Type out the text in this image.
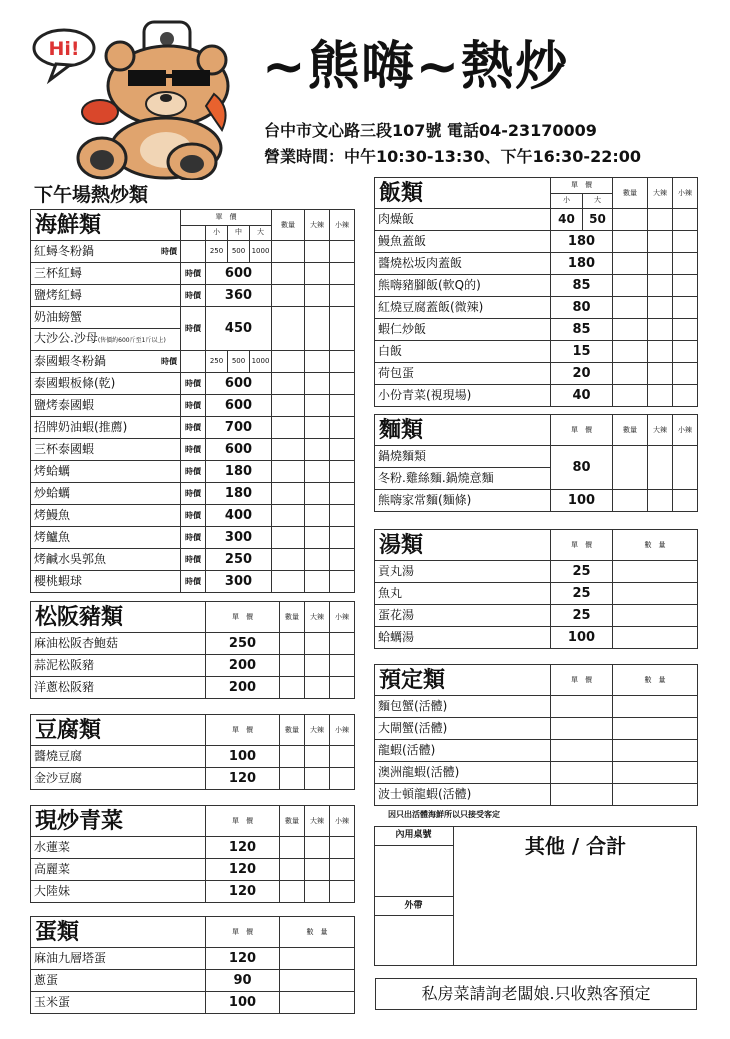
Hi!	~熊嗨~熱炒
台中市文心路三段107號 電話04-23170009
營業時間：中午10:30-13:30、下午16:30-22:00
下午場熱炒類
海鮮類	單　價				數量	大辣	小辣
		小	中	大			
紅蟳冬粉鍋 時價		250	500	1000			
三杯紅蟳	時價	600					
鹽烤紅蟳	時價	360					
奶油螃蟹	時價	450					
大沙公.沙母(售價約600斤至1斤以上)							
泰國蝦冬粉鍋 時價		250	500	1000			
泰國蝦板條(乾)	時價	600					
鹽烤泰國蝦	時價	600					
招牌奶油蝦(推薦)	時價	700					
三杯泰國蝦	時價	600					
烤蛤蠣	時價	180					
炒蛤蠣	時價	180					
烤鰻魚	時價	400					
烤鱸魚	時價	300					
烤鹹水吳郭魚	時價	250					
櫻桃蝦球	時價	300					
松阪豬類	單　價	數量	大辣	小辣
麻油松阪杏鮑菇	250			
蒜泥松阪豬	200			
洋蔥松阪豬	200			
豆腐類	單　價	數量	大辣	小辣
醬燒豆腐	100			
金沙豆腐	120			
現炒青菜	單　價	數量	大辣	小辣
水蓮菜	120			
高麗菜	120			
大陸妹	120			
蛋類	單　價	數　量
麻油九層塔蛋	120	
蔥蛋	90	
玉米蛋	100	
飯類	單　價		數量	大辣	小辣
	小	大			
肉燥飯	40	50			
鰻魚蓋飯	180				
醬燒松坂肉蓋飯	180				
熊嗨豬腳飯(軟Q的)	85				
紅燒豆腐蓋飯(微辣)	80				
蝦仁炒飯	85				
白飯	15				
荷包蛋	20				
小份青菜(視現場)	40				
麵類	單　價	數量	大辣	小辣
鍋燒麵類	80			
冬粉.雞絲麵.鍋燒意麵				
熊嗨家常麵(麵條)	100			
湯類	單　價	數　量
貢丸湯	25	
魚丸	25	
蛋花湯	25	
蛤蠣湯	100	
預定類	單　價	數　量
麵包蟹(活體)		
大閘蟹(活體)		
龍蝦(活體)		
澳洲龍蝦(活體)		
波士頓龍蝦(活體)		
因只出活體海鮮所以只接受客定
內用桌號
外帶
其他 / 合計
私房菜請詢老闆娘.只收熟客預定
